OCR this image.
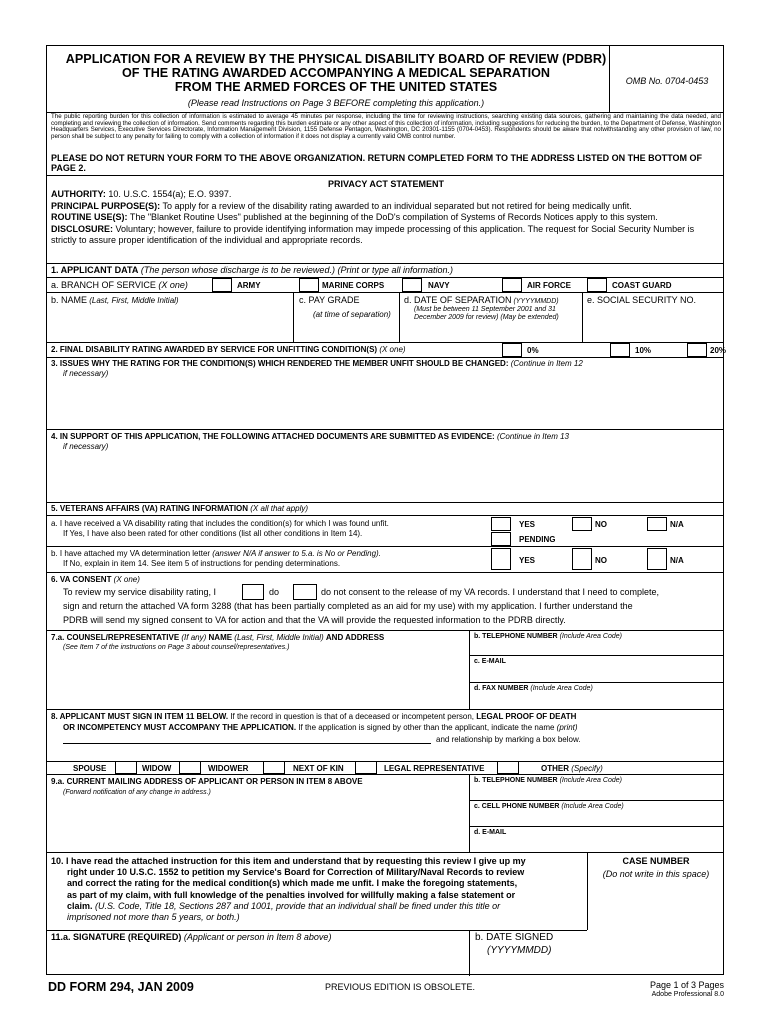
APPLICATION FOR A REVIEW BY THE PHYSICAL DISABILITY BOARD OF REVIEW (PDBR)
OF THE RATING AWARDED ACCOMPANYING A MEDICAL SEPARATION
FROM THE ARMED FORCES OF THE UNITED STATES
(Please read Instructions on Page 3 BEFORE completing this application.)
OMB No. 0704-0453
The public reporting burden for this collection of information is estimated to average 45 minutes per response, including the time for reviewing instructions, searching existing data sources, gathering and maintaining the data needed, and completing and reviewing the collection of information. Send comments regarding this burden estimate or any other aspect of this collection of information, including suggestions for reducing the burden, to the Department of Defense, Washington Headquarters Services, Executive Services Directorate, Information Management Division, 1155 Defense Pentagon, Washington, DC 20301-1155 (0704-0453). Respondents should be aware that notwithstanding any other provision of law, no person shall be subject to any penalty for failing to comply with a collection of information if it does not display a currently valid OMB control number.
PLEASE DO NOT RETURN YOUR FORM TO THE ABOVE ORGANIZATION. RETURN COMPLETED FORM TO THE ADDRESS LISTED ON THE BOTTOM OF PAGE 2.
PRIVACY ACT STATEMENT
AUTHORITY: 10. U.S.C. 1554(a); E.O. 9397.
PRINCIPAL PURPOSE(S): To apply for a review of the disability rating awarded to an individual separated but not retired for being medically unfit.
ROUTINE USE(S): The "Blanket Routine Uses" published at the beginning of the DoD's compilation of Systems of Records Notices apply to this system.
DISCLOSURE: Voluntary; however, failure to provide identifying information may impede processing of this application. The request for Social Security Number is strictly to assure proper identification of the individual and appropriate records.
1. APPLICANT DATA (The person whose discharge is to be reviewed.) (Print or type all information.)
a. BRANCH OF SERVICE (X one)	ARMY	MARINE CORPS	NAVY	AIR FORCE	COAST GUARD
b. NAME (Last, First, Middle Initial)	c. PAY GRADE
(at time of separation)
d. DATE OF SEPARATION (YYYYMMDD)
(Must be between 11 September 2001 and 31
December 2009 for review) (May be extended)
e. SOCIAL SECURITY NO.
2. FINAL DISABILITY RATING AWARDED BY SERVICE FOR UNFITTING CONDITION(S) (X one)	0%	10%	20%
3. ISSUES WHY THE RATING FOR THE CONDITION(S) WHICH RENDERED THE MEMBER UNFIT SHOULD BE CHANGED: (Continue in Item 12
if necessary)
4. IN SUPPORT OF THIS APPLICATION, THE FOLLOWING ATTACHED DOCUMENTS ARE SUBMITTED AS EVIDENCE: (Continue in Item 13
if necessary)
5. VETERANS AFFAIRS (VA) RATING INFORMATION (X all that apply)
a. I have received a VA disability rating that includes the condition(s) for which I was found unfit.
If Yes, I have also been rated for other conditions (list all other conditions in Item 14).
YES	NO	N/A
PENDING
b. I have attached my VA determination letter (answer N/A if answer to 5.a. is No or Pending).
If No, explain in item 14. See item 5 of instructions for pending determinations.	YES	NO	N/A
6. VA CONSENT (X one)
To review my service disability rating, I	do	do not consent to the release of my VA records. I understand that I need to complete,
sign and return the attached VA form 3288 (that has been partially completed as an aid for my use) with my application. I further understand the
PDRB will send my signed consent to VA for action and that the VA will provide the requested information to the PDRB directly.
7.a. COUNSEL/REPRESENTATIVE (If any) NAME (Last, First, Middle Initial) AND ADDRESS
(See Item 7 of the instructions on Page 3 about counsel/representatives.)
b. TELEPHONE NUMBER (Include Area Code)
c. E-MAIL
d. FAX NUMBER (Include Area Code)
8. APPLICANT MUST SIGN IN ITEM 11 BELOW. If the record in question is that of a deceased or incompetent person, LEGAL PROOF OF DEATH
OR INCOMPETENCY MUST ACCOMPANY THE APPLICATION. If the application is signed by other than the applicant, indicate the name (print)
and relationship by marking a box below.
SPOUSE	WIDOW	WIDOWER	NEXT OF KIN	LEGAL REPRESENTATIVE	OTHER (Specify)
9.a. CURRENT MAILING ADDRESS OF APPLICANT OR PERSON IN ITEM 8 ABOVE
(Forward notification of any change in address.)
b. TELEPHONE NUMBER (Include Area Code)
c. CELL PHONE NUMBER (Include Area Code)
d. E-MAIL
10. I have read the attached instruction for this item and understand that by requesting this review I give up my
right under 10 U.S.C. 1552 to petition my Service's Board for Correction of Military/Naval Records to review
and correct the rating for the medical condition(s) which made me unfit. I make the foregoing statements,
as part of my claim, with full knowledge of the penalties involved for willfully making a false statement or
claim. (U.S. Code, Title 18, Sections 287 and 1001, provide that an individual shall be fined under this title or
imprisoned not more than 5 years, or both.)
CASE NUMBER
(Do not write in this space)
11.a. SIGNATURE (REQUIRED) (Applicant or person in Item 8 above)	b. DATE SIGNED
(YYYYMMDD)
DD FORM 294, JAN 2009	PREVIOUS EDITION IS OBSOLETE.	Page 1 of 3 Pages
Adobe Professional 8.0
